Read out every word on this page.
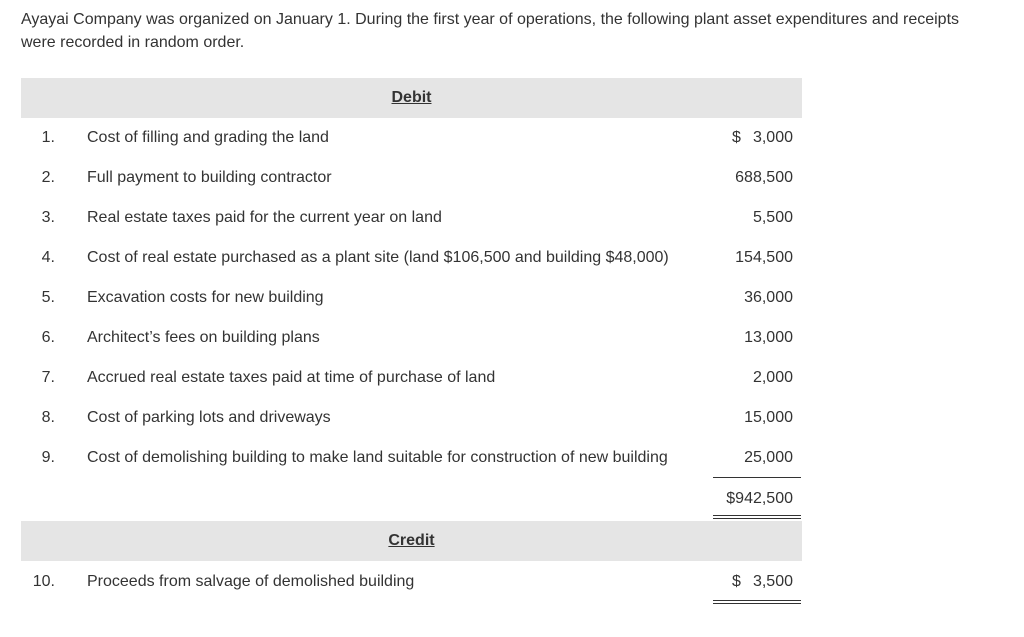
Ayayai Company was organized on January 1. During the first year of operations, the following plant asset expenditures and receipts were recorded in random order.
Debit
1. Cost of filling and grading the land	$ 3,000
2. Full payment to building contractor	688,500
3. Real estate taxes paid for the current year on land	5,500
4. Cost of real estate purchased as a plant site (land $106,500 and building $48,000)	154,500
5. Excavation costs for new building	36,000
6. Architect’s fees on building plans	13,000
7. Accrued real estate taxes paid at time of purchase of land	2,000
8. Cost of parking lots and driveways	15,000
9. Cost of demolishing building to make land suitable for construction of new building	25,000
$942,500
Credit
10. Proceeds from salvage of demolished building	$ 3,500
